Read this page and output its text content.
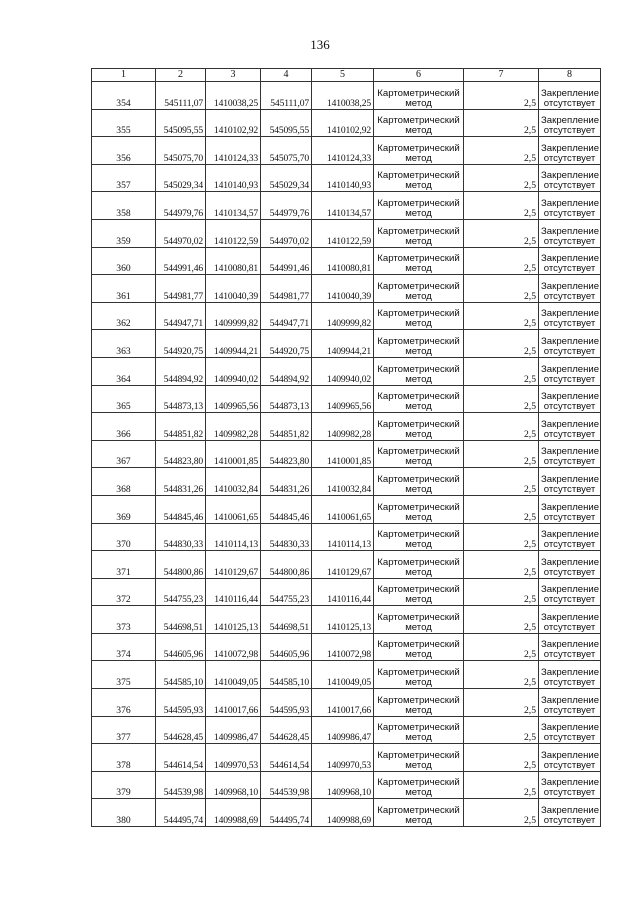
136
1	2	3	4	5	6	7	8
354	545111,07	1410038,25	545111,07	1410038,25	Картометрический
метод	2,5	Закрепление
отсутствует

355	545095,55	1410102,92	545095,55	1410102,92	Картометрический
метод	2,5	Закрепление
отсутствует

356	545075,70	1410124,33	545075,70	1410124,33	Картометрический
метод	2,5	Закрепление
отсутствует

357	545029,34	1410140,93	545029,34	1410140,93	Картометрический
метод	2,5	Закрепление
отсутствует

358	544979,76	1410134,57	544979,76	1410134,57	Картометрический
метод	2,5	Закрепление
отсутствует

359	544970,02	1410122,59	544970,02	1410122,59	Картометрический
метод	2,5	Закрепление
отсутствует

360	544991,46	1410080,81	544991,46	1410080,81	Картометрический
метод	2,5	Закрепление
отсутствует

361	544981,77	1410040,39	544981,77	1410040,39	Картометрический
метод	2,5	Закрепление
отсутствует

362	544947,71	1409999,82	544947,71	1409999,82	Картометрический
метод	2,5	Закрепление
отсутствует

363	544920,75	1409944,21	544920,75	1409944,21	Картометрический
метод	2,5	Закрепление
отсутствует

364	544894,92	1409940,02	544894,92	1409940,02	Картометрический
метод	2,5	Закрепление
отсутствует

365	544873,13	1409965,56	544873,13	1409965,56	Картометрический
метод	2,5	Закрепление
отсутствует

366	544851,82	1409982,28	544851,82	1409982,28	Картометрический
метод	2,5	Закрепление
отсутствует

367	544823,80	1410001,85	544823,80	1410001,85	Картометрический
метод	2,5	Закрепление
отсутствует

368	544831,26	1410032,84	544831,26	1410032,84	Картометрический
метод	2,5	Закрепление
отсутствует

369	544845,46	1410061,65	544845,46	1410061,65	Картометрический
метод	2,5	Закрепление
отсутствует

370	544830,33	1410114,13	544830,33	1410114,13	Картометрический
метод	2,5	Закрепление
отсутствует

371	544800,86	1410129,67	544800,86	1410129,67	Картометрический
метод	2,5	Закрепление
отсутствует

372	544755,23	1410116,44	544755,23	1410116,44	Картометрический
метод	2,5	Закрепление
отсутствует

373	544698,51	1410125,13	544698,51	1410125,13	Картометрический
метод	2,5	Закрепление
отсутствует

374	544605,96	1410072,98	544605,96	1410072,98	Картометрический
метод	2,5	Закрепление
отсутствует

375	544585,10	1410049,05	544585,10	1410049,05	Картометрический
метод	2,5	Закрепление
отсутствует

376	544595,93	1410017,66	544595,93	1410017,66	Картометрический
метод	2,5	Закрепление
отсутствует

377	544628,45	1409986,47	544628,45	1409986,47	Картометрический
метод	2,5	Закрепление
отсутствует

378	544614,54	1409970,53	544614,54	1409970,53	Картометрический
метод	2,5	Закрепление
отсутствует

379	544539,98	1409968,10	544539,98	1409968,10	Картометрический
метод	2,5	Закрепление
отсутствует

380	544495,74	1409988,69	544495,74	1409988,69	Картометрический
метод	2,5	Закрепление
отсутствует
